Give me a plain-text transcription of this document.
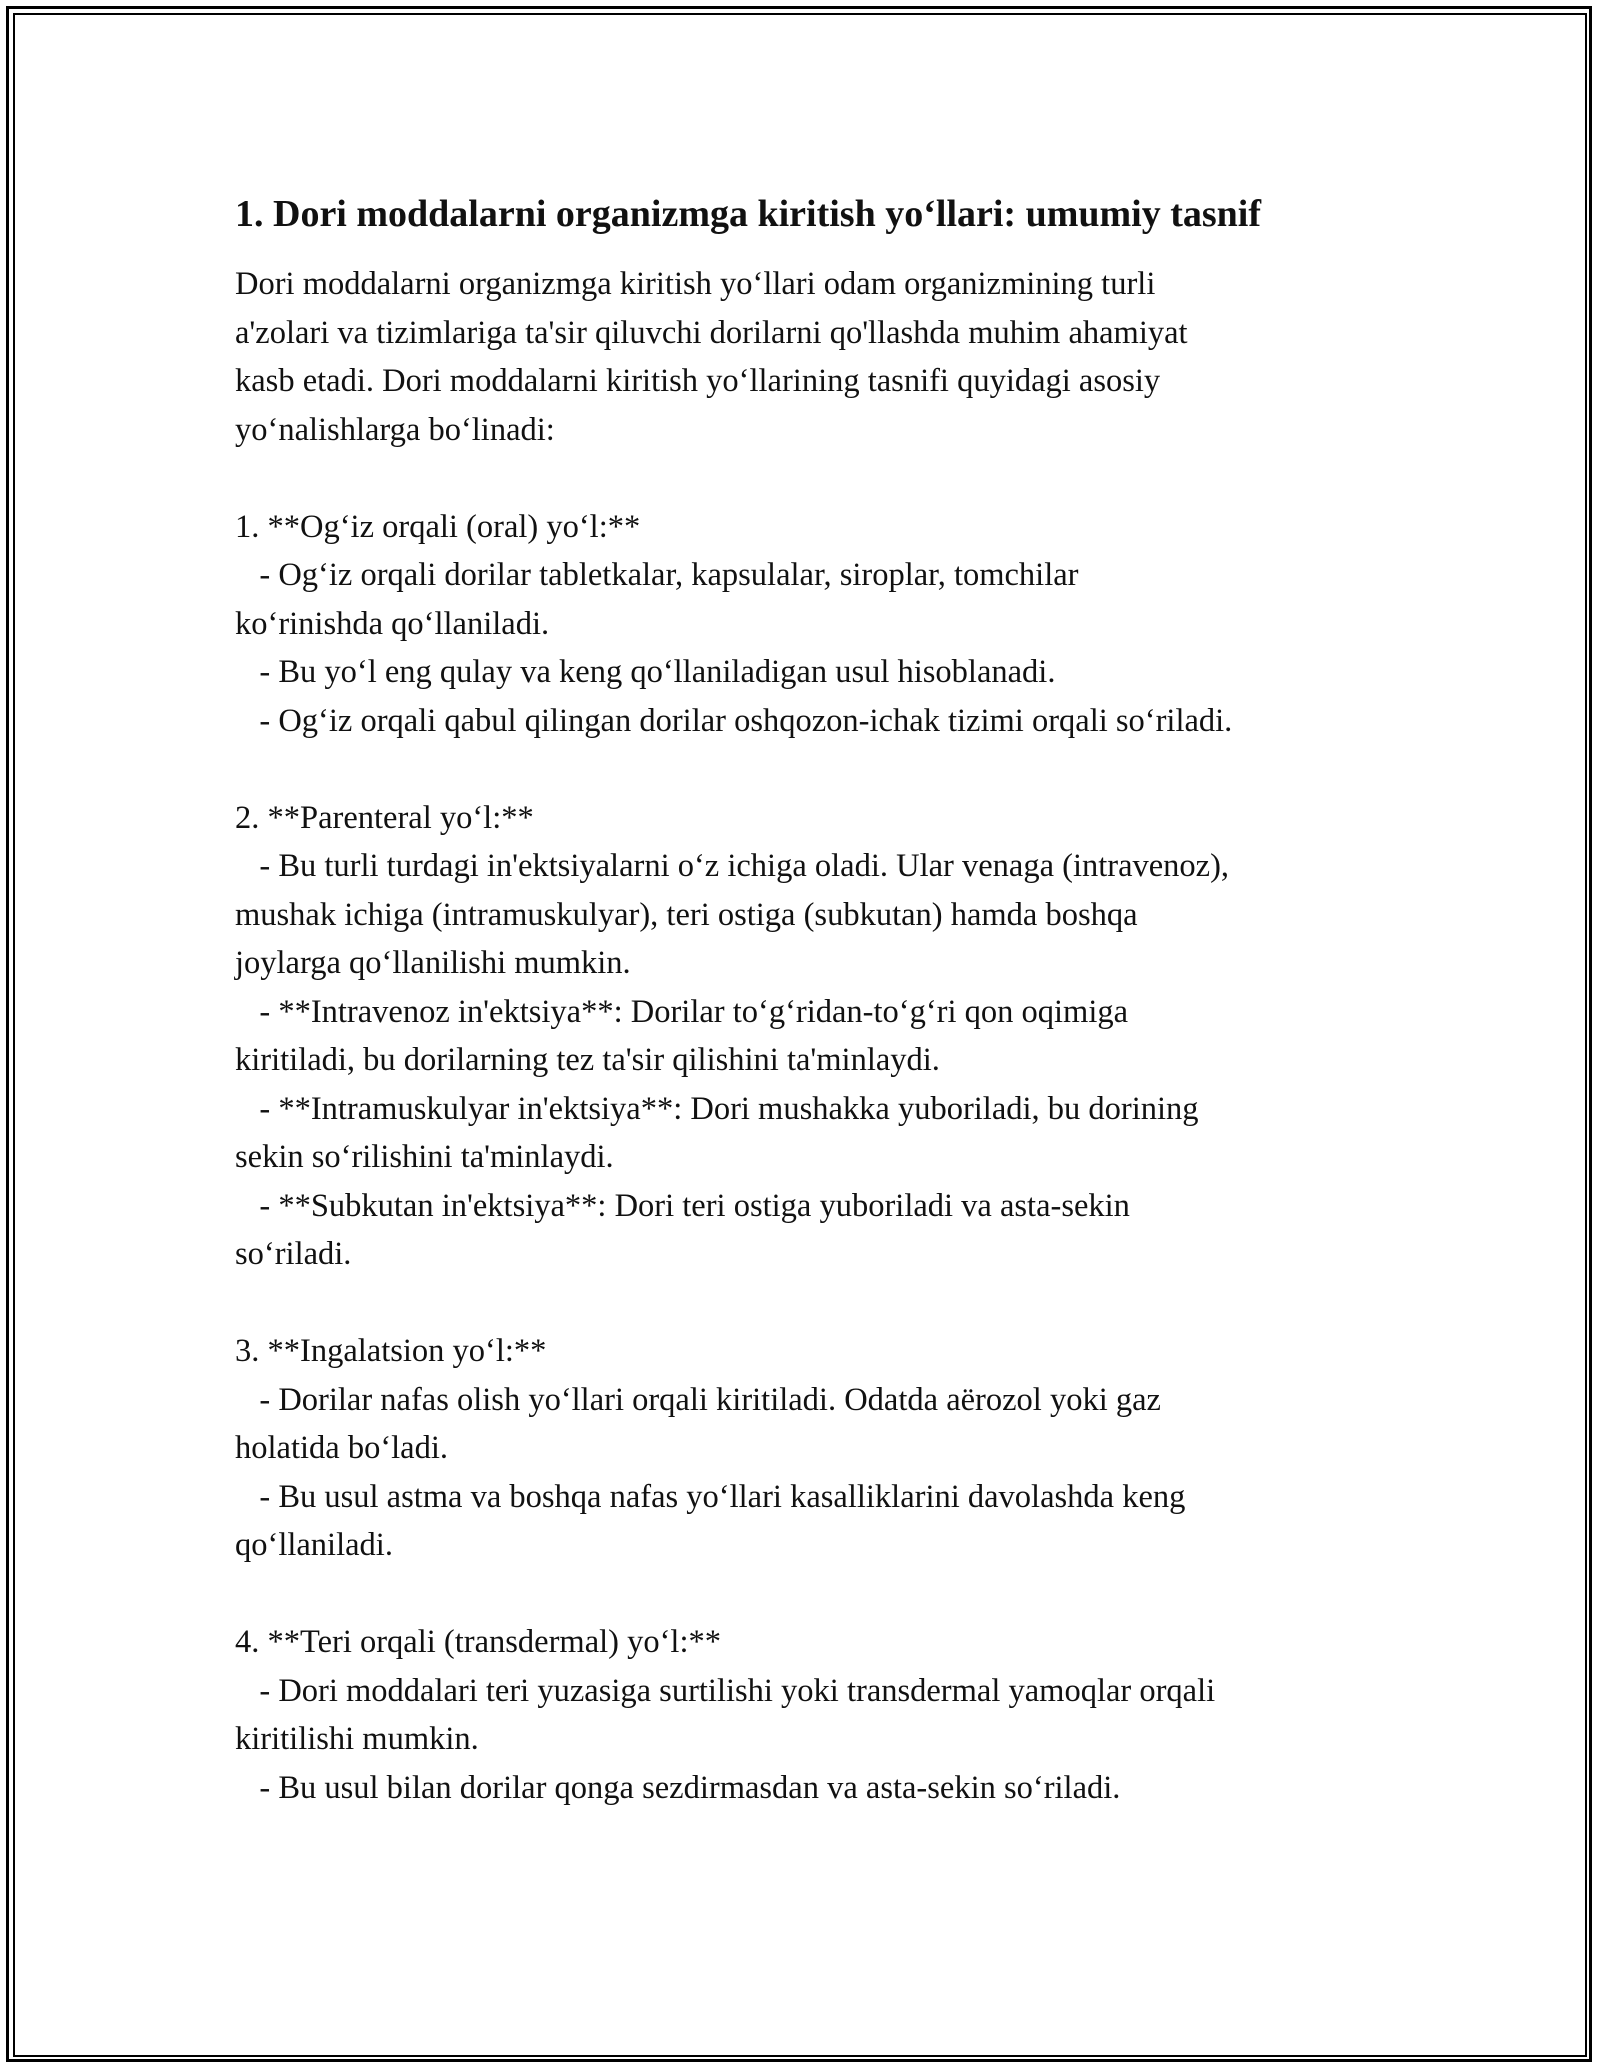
1. Dori moddalarni organizmga kiritish yo‘llari: umumiy tasnif

Dori moddalarni organizmga kiritish yo‘llari odam organizmining turli

a'zolari va tizimlariga ta'sir qiluvchi dorilarni qo'llashda muhim ahamiyat

kasb etadi. Dori moddalarni kiritish yo‘llarining tasnifi quyidagi asosiy

yo‘nalishlarga bo‘linadi:

1. **Og‘iz orqali (oral) yo‘l:**

- Og‘iz orqali dorilar tabletkalar, kapsulalar, siroplar, tomchilar

ko‘rinishda qo‘llaniladi.

- Bu yo‘l eng qulay va keng qo‘llaniladigan usul hisoblanadi.

- Og‘iz orqali qabul qilingan dorilar oshqozon-ichak tizimi orqali so‘riladi.

2. **Parenteral yo‘l:**

- Bu turli turdagi in'ektsiyalarni o‘z ichiga oladi. Ular venaga (intravenoz),

mushak ichiga (intramuskulyar), teri ostiga (subkutan) hamda boshqa

joylarga qo‘llanilishi mumkin.

- **Intravenoz in'ektsiya**: Dorilar to‘g‘ridan-to‘g‘ri qon oqimiga

kiritiladi, bu dorilarning tez ta'sir qilishini ta'minlaydi.

- **Intramuskulyar in'ektsiya**: Dori mushakka yuboriladi, bu dorining

sekin so‘rilishini ta'minlaydi.

- **Subkutan in'ektsiya**: Dori teri ostiga yuboriladi va asta-sekin

so‘riladi.

3. **Ingalatsion yo‘l:**

- Dorilar nafas olish yo‘llari orqali kiritiladi. Odatda aërozol yoki gaz

holatida bo‘ladi.

- Bu usul astma va boshqa nafas yo‘llari kasalliklarini davolashda keng

qo‘llaniladi.

4. **Teri orqali (transdermal) yo‘l:**

- Dori moddalari teri yuzasiga surtilishi yoki transdermal yamoqlar orqali

kiritilishi mumkin.

- Bu usul bilan dorilar qonga sezdirmasdan va asta-sekin so‘riladi.
